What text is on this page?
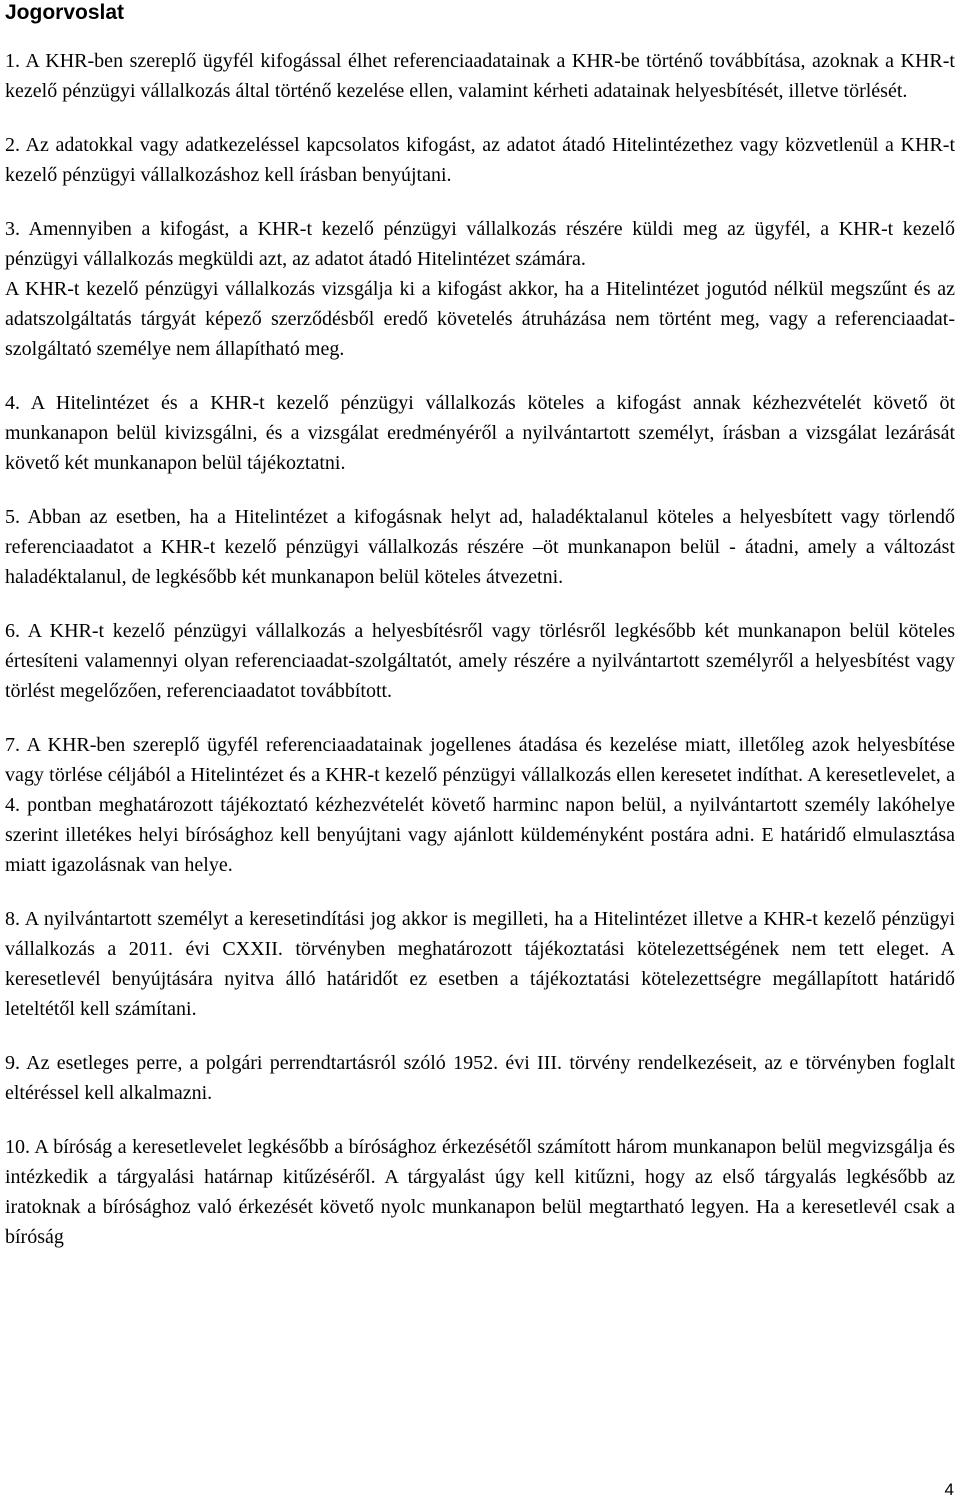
Jogorvoslat

1. A KHR-ben szereplő ügyfél kifogással élhet referenciaadatainak a KHR-be történő továbbítása, azoknak a KHR-t kezelő pénzügyi vállalkozás által történő kezelése ellen, valamint kérheti adatainak helyesbítését, illetve törlését.

2. Az adatokkal vagy adatkezeléssel kapcsolatos kifogást, az adatot átadó Hitelintézethez vagy közvetlenül a KHR-t kezelő pénzügyi vállalkozáshoz kell írásban benyújtani.

3. Amennyiben a kifogást, a KHR-t kezelő pénzügyi vállalkozás részére küldi meg az ügyfél, a KHR-t kezelő pénzügyi vállalkozás megküldi azt, az adatot átadó Hitelintézet számára.

A KHR-t kezelő pénzügyi vállalkozás vizsgálja ki a kifogást akkor, ha a Hitelintézet jogutód nélkül megszűnt és az adatszolgáltatás tárgyát képező szerződésből eredő követelés átruházása nem történt meg, vagy a referenciaadat-szolgáltató személye nem állapítható meg.

4. A Hitelintézet és a KHR-t kezelő pénzügyi vállalkozás köteles a kifogást annak kézhezvételét követő öt munkanapon belül kivizsgálni, és a vizsgálat eredményéről a nyilvántartott személyt, írásban a vizsgálat lezárását követő két munkanapon belül tájékoztatni.

5. Abban az esetben, ha a Hitelintézet a kifogásnak helyt ad, haladéktalanul köteles a helyesbített vagy törlendő referenciaadatot a KHR-t kezelő pénzügyi vállalkozás részére –öt munkanapon belül - átadni, amely a változást haladéktalanul, de legkésőbb két munkanapon belül köteles átvezetni.

6. A KHR-t kezelő pénzügyi vállalkozás a helyesbítésről vagy törlésről legkésőbb két munkanapon belül köteles értesíteni valamennyi olyan referenciaadat-szolgáltatót, amely részére a nyilvántartott személyről a helyesbítést vagy törlést megelőzően, referenciaadatot továbbított.

7. A KHR-ben szereplő ügyfél referenciaadatainak jogellenes átadása és kezelése miatt, illetőleg azok helyesbítése vagy törlése céljából a Hitelintézet és a KHR-t kezelő pénzügyi vállalkozás ellen keresetet indíthat. A keresetlevelet, a 4. pontban meghatározott tájékoztató kézhezvételét követő harminc napon belül, a nyilvántartott személy lakóhelye szerint illetékes helyi bírósághoz kell benyújtani vagy ajánlott küldeményként postára adni. E határidő elmulasztása miatt igazolásnak van helye.

8. A nyilvántartott személyt a keresetindítási jog akkor is megilleti, ha a Hitelintézet illetve a KHR-t kezelő pénzügyi vállalkozás a 2011. évi CXXII. törvényben meghatározott tájékoztatási kötelezettségének nem tett eleget. A keresetlevél benyújtására nyitva álló határidőt ez esetben a tájékoztatási kötelezettségre megállapított határidő leteltétől kell számítani.

9. Az esetleges perre, a polgári perrendtartásról szóló 1952. évi III. törvény rendelkezéseit, az e törvényben foglalt eltéréssel kell alkalmazni.

10. A bíróság a keresetlevelet legkésőbb a bírósághoz érkezésétől számított három munkanapon belül megvizsgálja és intézkedik a tárgyalási határnap kitűzéséről. A tárgyalást úgy kell kitűzni, hogy az első tárgyalás legkésőbb az iratoknak a bírósághoz való érkezését követő nyolc munkanapon belül megtartható legyen. Ha a keresetlevél csak a bíróság

4
